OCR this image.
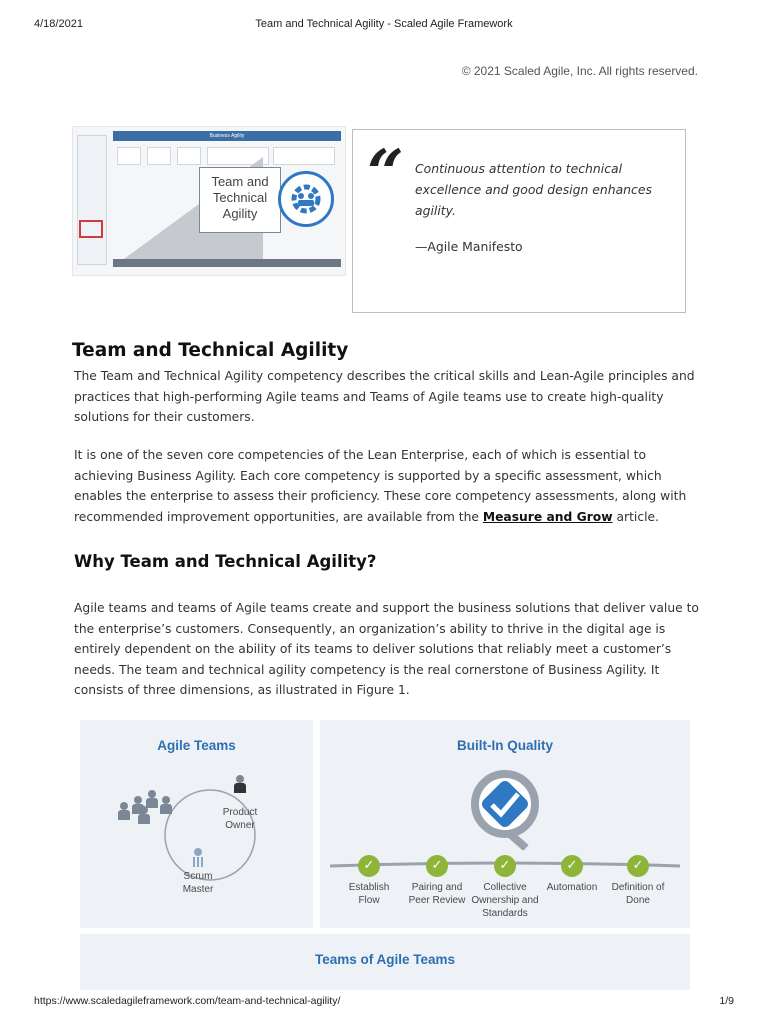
4/18/2021	Team and Technical Agility - Scaled Agile Framework
© 2021 Scaled Agile, Inc. All rights reserved.
Business Agility
Team and Technical Agility
“ Continuous attention to technical excellence and good design enhances agility.
—Agile Manifesto
Team and Technical Agility

The Team and Technical Agility competency describes the critical skills and Lean-Agile principles and practices that high-performing Agile teams and Teams of Agile teams use to create high-quality solutions for their customers.

It is one of the seven core competencies of the Lean Enterprise, each of which is essential to achieving Business Agility. Each core competency is supported by a specific assessment, which enables the enterprise to assess their proficiency. These core competency assessments, along with recommended improvement opportunities, are available from the Measure and Grow article.

Why Team and Technical Agility?

Agile teams and teams of Agile teams create and support the business solutions that deliver value to the enterprise’s customers. Consequently, an organization’s ability to thrive in the digital age is entirely dependent on the ability of its teams to deliver solutions that reliably meet a customer’s needs. The team and technical agility competency is the real cornerstone of Business Agility. It consists of three dimensions, as illustrated in Figure 1.

Agile Teams
Product Owner
Scrum Master
Built-In Quality
✓	✓	✓	✓	✓
Establish Flow
Pairing and Peer Review
Collective Ownership and Standards
Automation	Definition of Done
Teams of Agile Teams
https://www.scaledagileframework.com/team-and-technical-agility/	1/9
